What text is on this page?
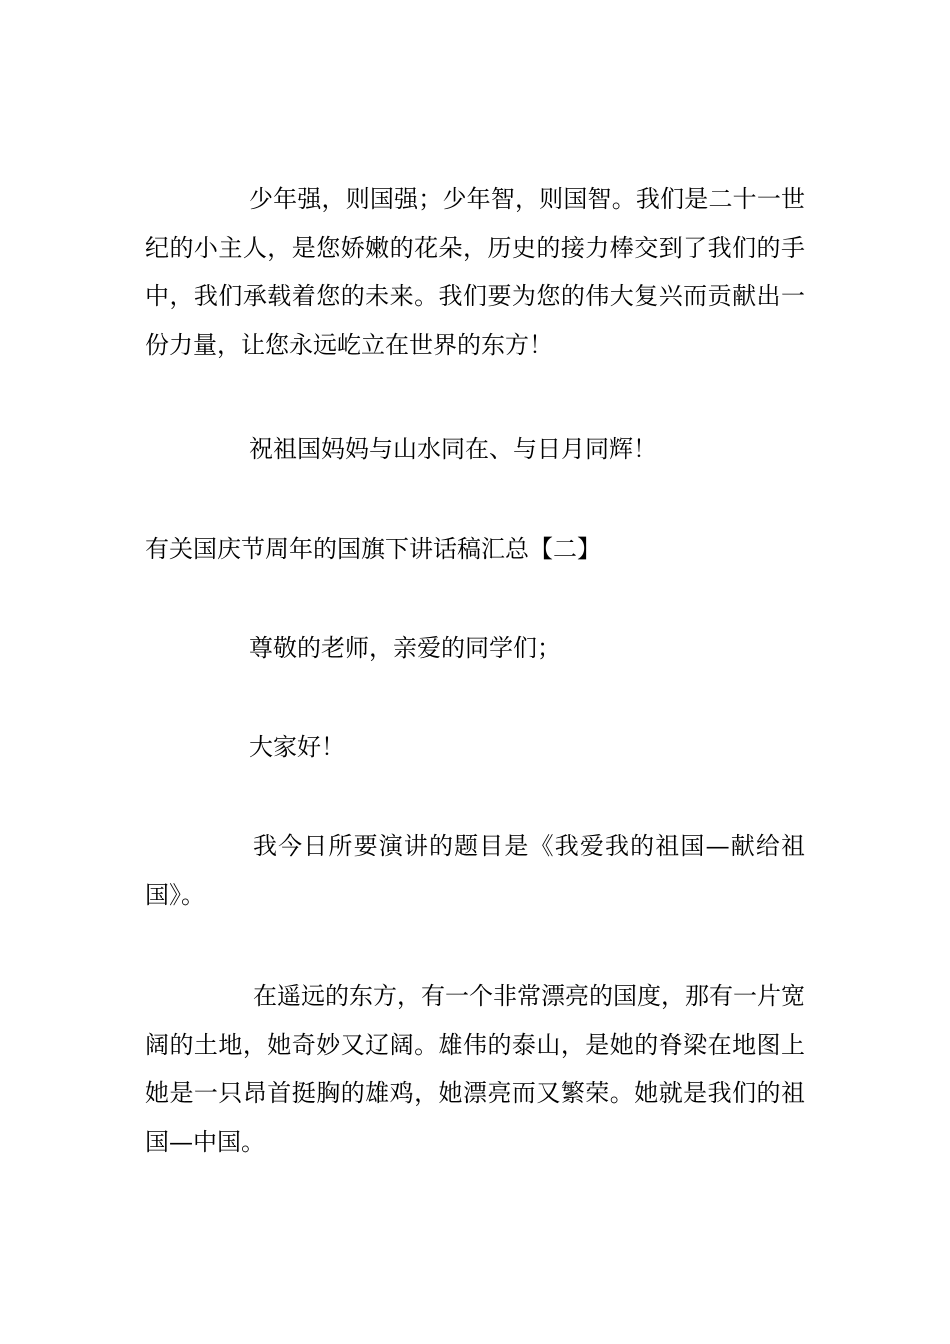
少年强，则国强；少年智，则国智。我们是二十一世纪的小主人，是您娇嫩的花朵，历史的接力棒交到了我们的手中，我们承载着您的未来。我们要为您的伟大复兴而贡献出一份力量，让您永远屹立在世界的东方！

祝祖国妈妈与山水同在、与日月同辉！

有关国庆节周年的国旗下讲话稿汇总【二】

尊敬的老师，亲爱的同学们；

大家好！

我今日所要演讲的题目是《我爱我的祖国—献给祖国》。

在遥远的东方，有一个非常漂亮的国度，那有一片宽阔的土地，她奇妙又辽阔。雄伟的泰山，是她的脊梁在地图上她是一只昂首挺胸的雄鸡，她漂亮而又繁荣。她就是我们的祖国—中国。
